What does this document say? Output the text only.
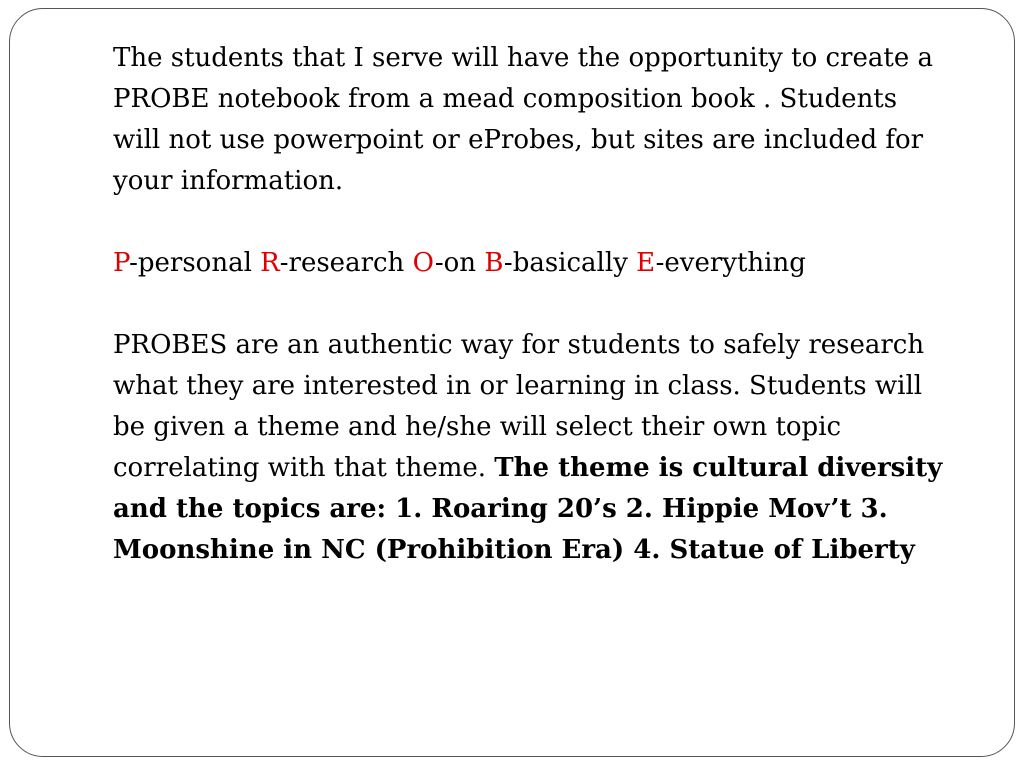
The students that I serve will have the opportunity to create a PROBE notebook from a mead composition book . Students will not use powerpoint or eProbes, but sites are included for your information.

P-personal R-research O-on B-basically E-everything

PROBES are an authentic way for students to safely research what they are interested in or learning in class. Students will be given a theme and he/she will select their own topic correlating with that theme. The theme is cultural diversity and the topics are: 1. Roaring 20’s 2. Hippie Mov’t 3. Moonshine in NC (Prohibition Era) 4. Statue of Liberty
